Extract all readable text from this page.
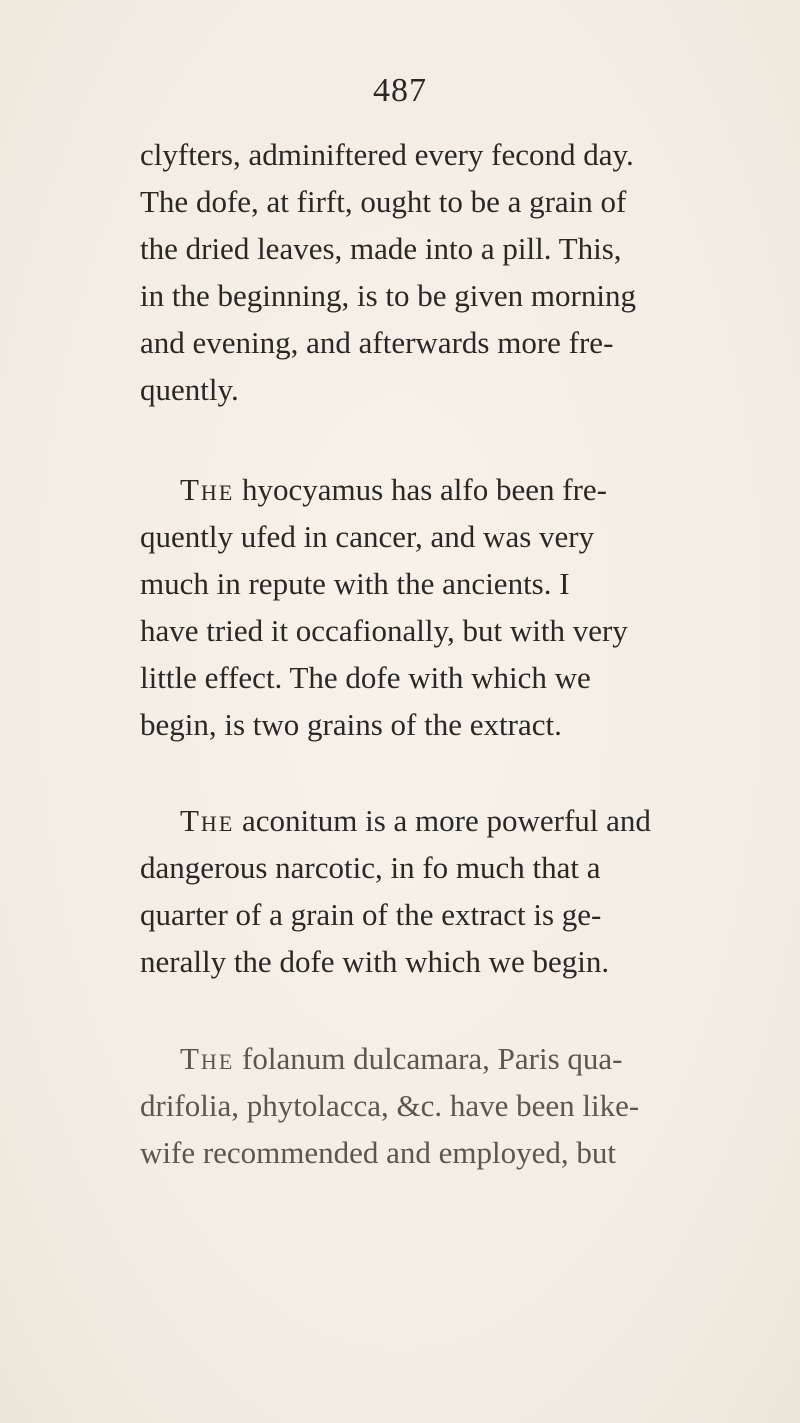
487
clyfters, adminiftered every fecond day.
The dofe, at firft, ought to be a grain of
the dried leaves, made into a pill. This,
in the beginning, is to be given morning
and evening, and afterwards more fre-
quently.
The hyocyamus has alfo been fre-
quently ufed in cancer, and was very
much in repute with the ancients. I
have tried it occafionally, but with very
little effect. The dofe with which we
begin, is two grains of the extract.
The aconitum is a more powerful and
dangerous narcotic, in fo much that a
quarter of a grain of the extract is ge-
nerally the dofe with which we begin.
The folanum dulcamara, Paris qua-
drifolia, phytolacca, &c. have been like-
wife recommended and employed, but
